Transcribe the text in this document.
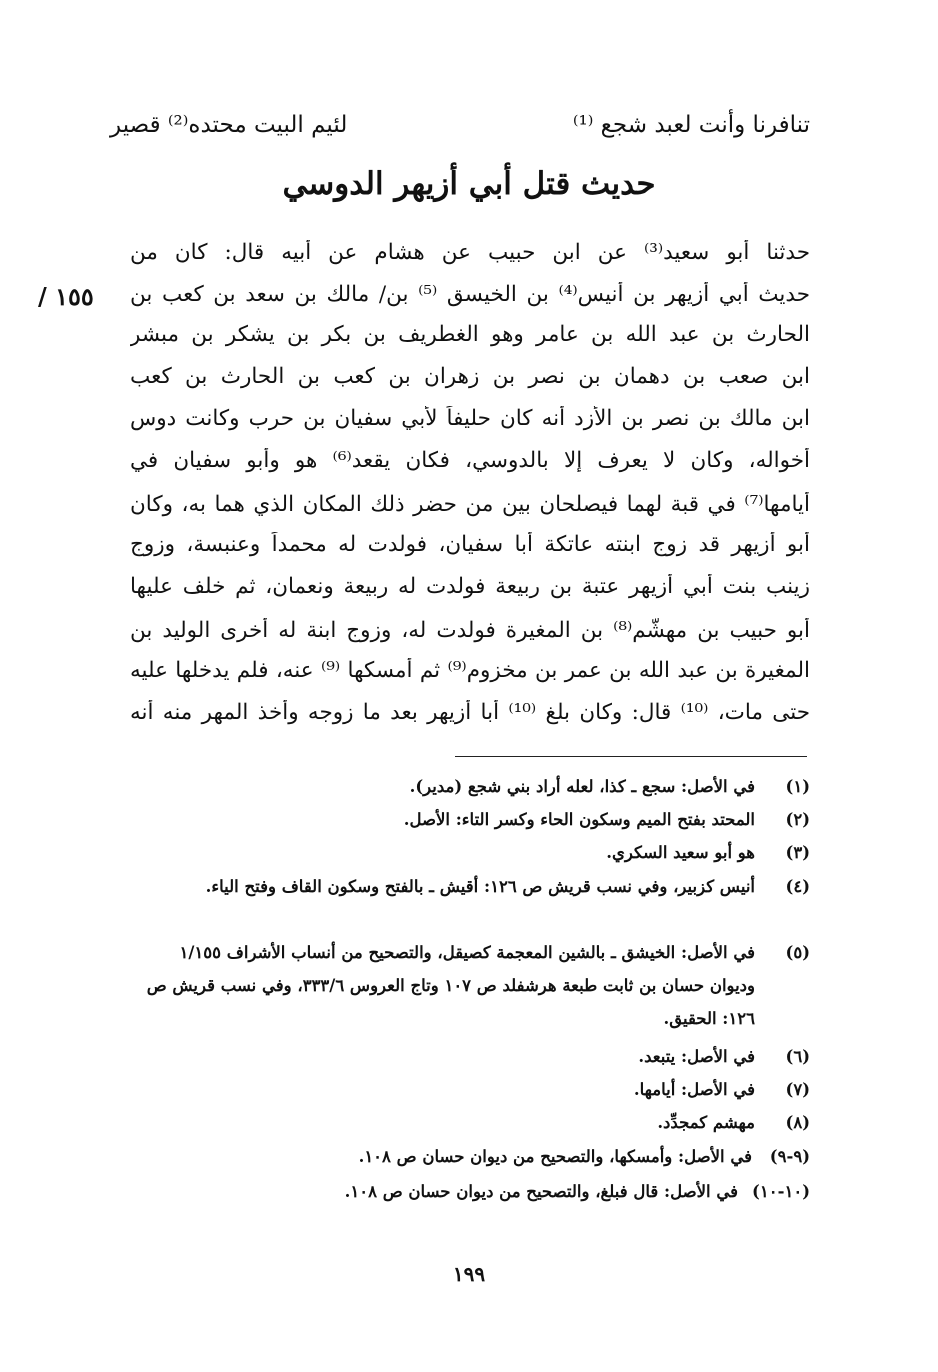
تنافرنا وأنت لعبد شجع ⁽¹⁾
لئيم البيت محتده⁽²⁾ قصير
حديث قتل أبي أزيهر الدوسي
/ ١٥٥
حدثنا أبو سعيد⁽³⁾ عن ابن حبيب عن هشام عن أبيه قال: كان من
حديث أبي أزيهر بن أنيس⁽⁴⁾ بن الخيسق ⁽⁵⁾ بن/ مالك بن سعد بن كعب بن
الحارث بن عبد الله بن عامر وهو الغطريف بن بكر بن يشكر بن مبشر
ابن صعب بن دهمان بن نصر بن زهران بن كعب بن الحارث بن كعب
ابن مالك بن نصر بن الأزد أنه كان حليفاً لأبي سفيان بن حرب وكانت دوس
أخواله، وكان لا يعرف إلا بالدوسي، فكان يقعد⁽⁶⁾ هو وأبو سفيان في
أيامها⁽⁷⁾ في قبة لهما فيصلحان بين من حضر ذلك المكان الذي هما به، وكان
أبو أزيهر قد زوج ابنته عاتكة أبا سفيان، فولدت له محمداً وعنبسة، وزوج
زينب بنت أبي أزيهر عتبة بن ربيعة فولدت له ربيعة ونعمان، ثم خلف عليها
أبو حبيب بن مهشّم⁽⁸⁾ بن المغيرة فولدت له، وزوج ابنة له أخرى الوليد بن
المغيرة بن عبد الله بن عمر بن مخزوم⁽⁹⁾ ثم أمسكها ⁽⁹⁾ عنه، فلم يدخلها عليه
حتى مات، ⁽¹⁰⁾ قال: وكان بلغ ⁽¹⁰⁾ أبا أزيهر بعد ما زوجه وأخذ المهر منه أنه
(١)
في الأصل: سجع ـ كذا، لعله أراد بني شجع (مدير).
(٢)
المحتد بفتح الميم وسكون الحاء وكسر التاء: الأصل.
(٣)
هو أبو سعيد السكري.
(٤)
أنيس كزبير، وفي نسب قريش ص ١٢٦: أقيش ـ بالفتح وسكون القاف وفتح الياء.
(٥)
في الأصل: الخيشق ـ بالشين المعجمة كصيقل، والتصحيح من أنساب الأشراف ١/١٥٥ وديوان حسان بن ثابت طبعة هرشفلد ص ١٠٧ وتاج العروس ٣٣٣/٦، وفي نسب قريش ص ١٢٦: الحقيق.
(٦)
في الأصل: يتبعد.
(٧)
في الأصل: أيامها.
(٨)
مهشم كمجدِّد.
(٩-٩)
في الأصل: وأمسكها، والتصحيح من ديوان حسان ص ١٠٨.
(١٠-١٠)
في الأصل: قال فبلغ، والتصحيح من ديوان حسان ص ١٠٨.
١٩٩
